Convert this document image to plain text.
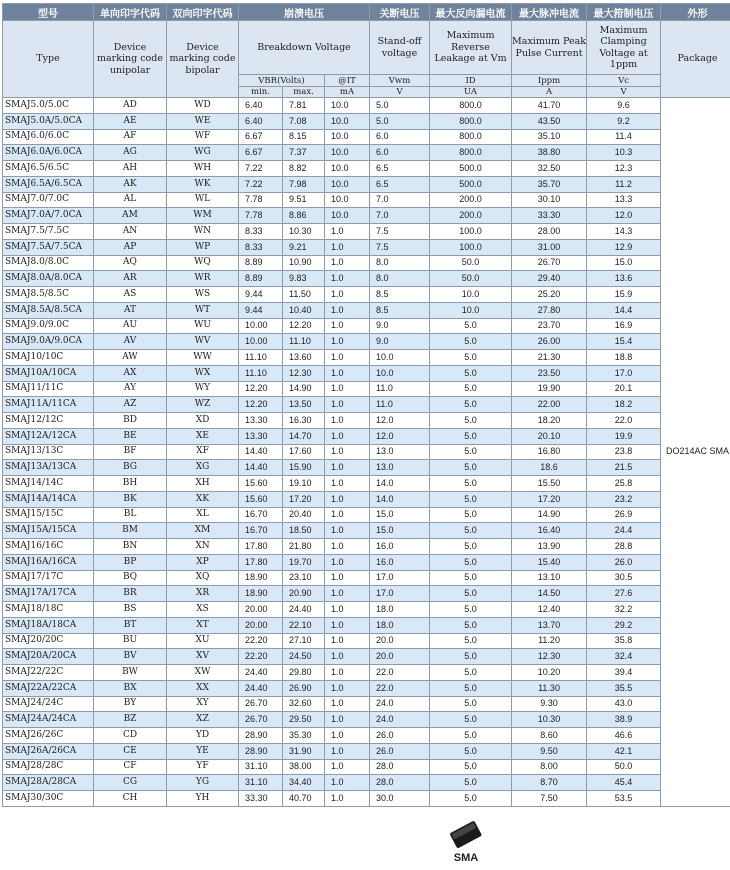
型号	单向印字代码	双向印字代码	崩溃电压			关断电压	最大反向漏电流	最大脉冲电流	最大箝制电压	外形
Type	Device marking code unipolar	Device marking code bipolar	Breakdown Voltage			Stand-off voltage	Maximum Reverse Leakage at Vm	Maximum Peak Pulse Current	Maximum Clamping Voltage at 1ppm	Package
			VBR(Volts)		@IT	Vwm	ID	Ippm	Vc	
			min.	max.	mA	V	UA	A	V	
SMAJ5.0/5.0C	AD	WD	6.40	7.81	10.0	5.0	800.0	41.70	9.6	DO214AC SMA
SMAJ5.0A/5.0CA	AE	WE	6.40	7.08	10.0	5.0	800.0	43.50	9.2	
SMAJ6.0/6.0C	AF	WF	6.67	8.15	10.0	6.0	800.0	35.10	11.4	
SMAJ6.0A/6.0CA	AG	WG	6.67	7.37	10.0	6.0	800.0	38.80	10.3	
SMAJ6.5/6.5C	AH	WH	7.22	8.82	10.0	6.5	500.0	32.50	12.3	
SMAJ6.5A/6.5CA	AK	WK	7.22	7.98	10.0	6.5	500.0	35.70	11.2	
SMAJ7.0/7.0C	AL	WL	7.78	9.51	10.0	7.0	200.0	30.10	13.3	
SMAJ7.0A/7.0CA	AM	WM	7.78	8.86	10.0	7.0	200.0	33.30	12.0	
SMAJ7.5/7.5C	AN	WN	8.33	10.30	1.0	7.5	100.0	28.00	14.3	
SMAJ7.5A/7.5CA	AP	WP	8.33	9.21	1.0	7.5	100.0	31.00	12.9	
SMAJ8.0/8.0C	AQ	WQ	8.89	10.90	1.0	8.0	50.0	26.70	15.0	
SMAJ8.0A/8.0CA	AR	WR	8.89	9.83	1.0	8.0	50.0	29.40	13.6	
SMAJ8.5/8.5C	AS	WS	9.44	11.50	1.0	8.5	10.0	25.20	15.9	
SMAJ8.5A/8.5CA	AT	WT	9.44	10.40	1.0	8.5	10.0	27.80	14.4	
SMAJ9.0/9.0C	AU	WU	10.00	12.20	1.0	9.0	5.0	23.70	16.9	
SMAJ9.0A/9.0CA	AV	WV	10.00	11.10	1.0	9.0	5.0	26.00	15.4	
SMAJ10/10C	AW	WW	11.10	13.60	1.0	10.0	5.0	21.30	18.8	
SMAJ10A/10CA	AX	WX	11.10	12.30	1.0	10.0	5.0	23.50	17.0	
SMAJ11/11C	AY	WY	12.20	14.90	1.0	11.0	5.0	19.90	20.1	
SMAJ11A/11CA	AZ	WZ	12.20	13.50	1.0	11.0	5.0	22.00	18.2	
SMAJ12/12C	BD	XD	13.30	16.30	1.0	12.0	5.0	18.20	22.0	
SMAJ12A/12CA	BE	XE	13.30	14.70	1.0	12.0	5.0	20.10	19.9	
SMAJ13/13C	BF	XF	14.40	17.60	1.0	13.0	5.0	16.80	23.8	
SMAJ13A/13CA	BG	XG	14.40	15.90	1.0	13.0	5.0	18.6	21.5	
SMAJ14/14C	BH	XH	15.60	19.10	1.0	14.0	5.0	15.50	25.8	
SMAJ14A/14CA	BK	XK	15.60	17.20	1.0	14.0	5.0	17.20	23.2	
SMAJ15/15C	BL	XL	16.70	20.40	1.0	15.0	5.0	14.90	26.9	
SMAJ15A/15CA	BM	XM	16.70	18.50	1.0	15.0	5.0	16.40	24.4	
SMAJ16/16C	BN	XN	17.80	21.80	1.0	16.0	5.0	13.90	28.8	
SMAJ16A/16CA	BP	XP	17.80	19.70	1.0	16.0	5.0	15.40	26.0	
SMAJ17/17C	BQ	XQ	18.90	23.10	1.0	17.0	5.0	13.10	30.5	
SMAJ17A/17CA	BR	XR	18.90	20.90	1.0	17.0	5.0	14.50	27.6	
SMAJ18/18C	BS	XS	20.00	24.40	1.0	18.0	5.0	12.40	32.2	
SMAJ18A/18CA	BT	XT	20.00	22.10	1.0	18.0	5.0	13.70	29.2	
SMAJ20/20C	BU	XU	22.20	27.10	1.0	20.0	5.0	11.20	35.8	
SMAJ20A/20CA	BV	XV	22.20	24.50	1.0	20.0	5.0	12.30	32.4	
SMAJ22/22C	BW	XW	24.40	29.80	1.0	22.0	5.0	10.20	39.4	
SMAJ22A/22CA	BX	XX	24.40	26.90	1.0	22.0	5.0	11.30	35.5	
SMAJ24/24C	BY	XY	26.70	32.60	1.0	24.0	5.0	9.30	43.0	
SMAJ24A/24CA	BZ	XZ	26.70	29.50	1.0	24.0	5.0	10.30	38.9	
SMAJ26/26C	CD	YD	28.90	35.30	1.0	26.0	5.0	8.60	46.6	
SMAJ26A/26CA	CE	YE	28.90	31.90	1.0	26.0	5.0	9.50	42.1	
SMAJ28/28C	CF	YF	31.10	38.00	1.0	28.0	5.0	8.00	50.0	
SMAJ28A/28CA	CG	YG	31.10	34.40	1.0	28.0	5.0	8.70	45.4	
SMAJ30/30C	CH	YH	33.30	40.70	1.0	30.0	5.0	7.50	53.5	
SMA
